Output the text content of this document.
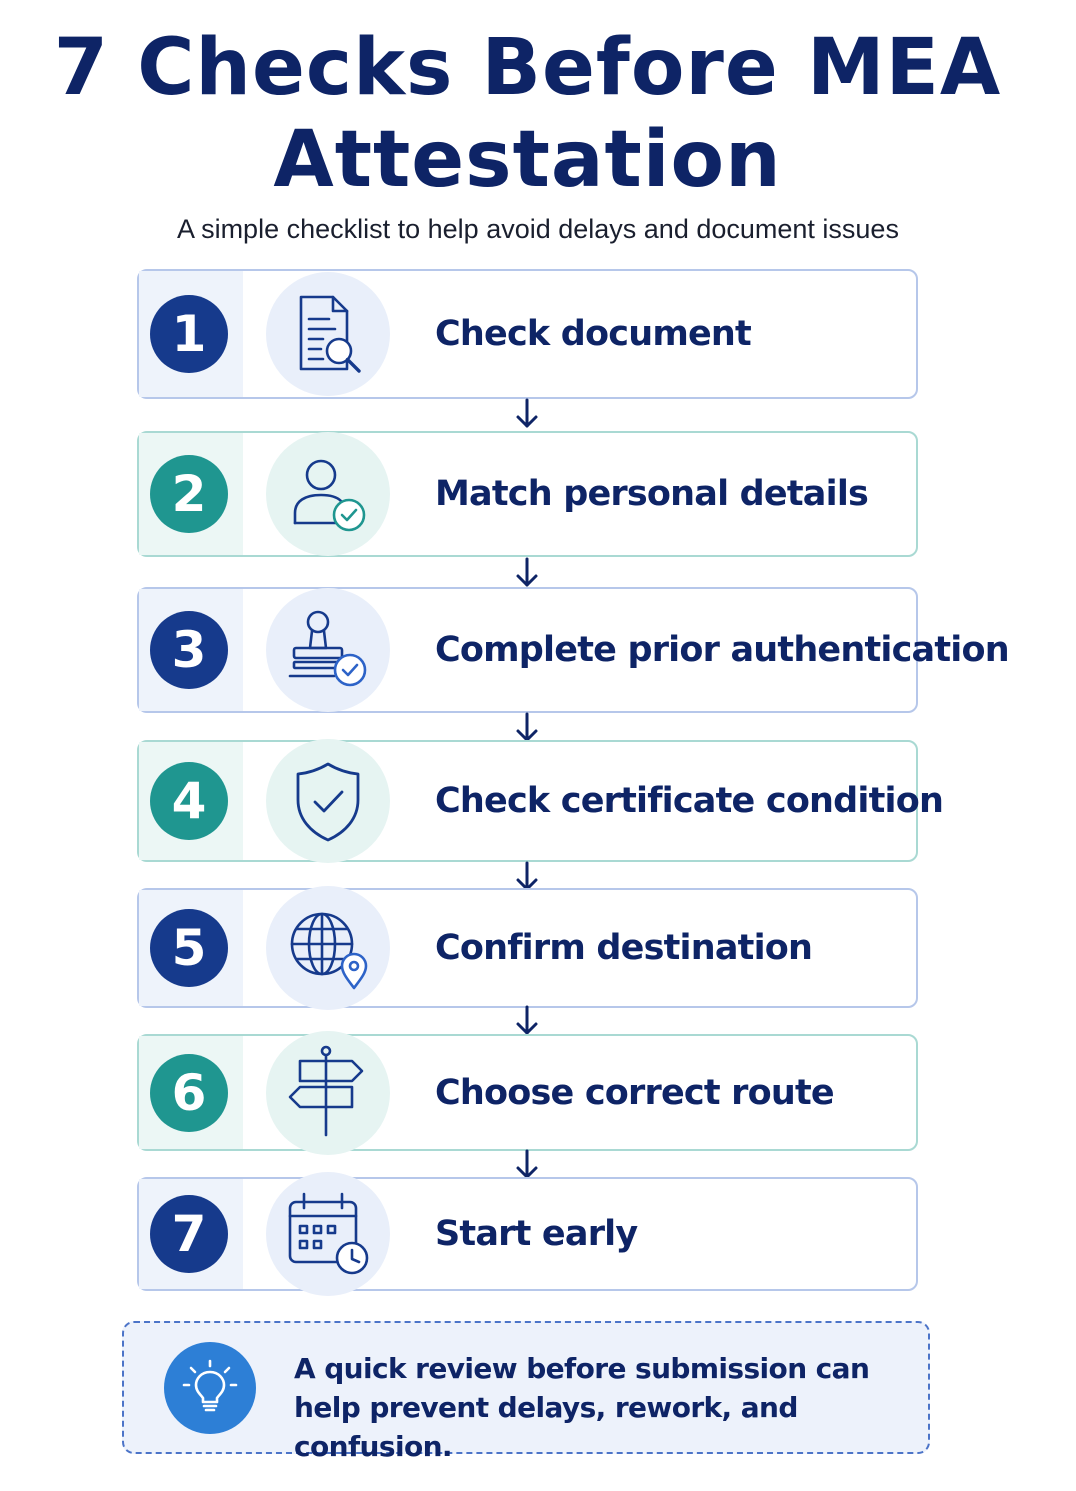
7 Checks Before MEA Attestation

A simple checklist to help avoid delays and document issues

1	Check document
2	Match personal details
3	Complete prior authentication
4	Check certificate condition
5	Confirm destination
6	Choose correct route
7	Start early
A quick review before submission can help prevent delays, rework, and confusion.
